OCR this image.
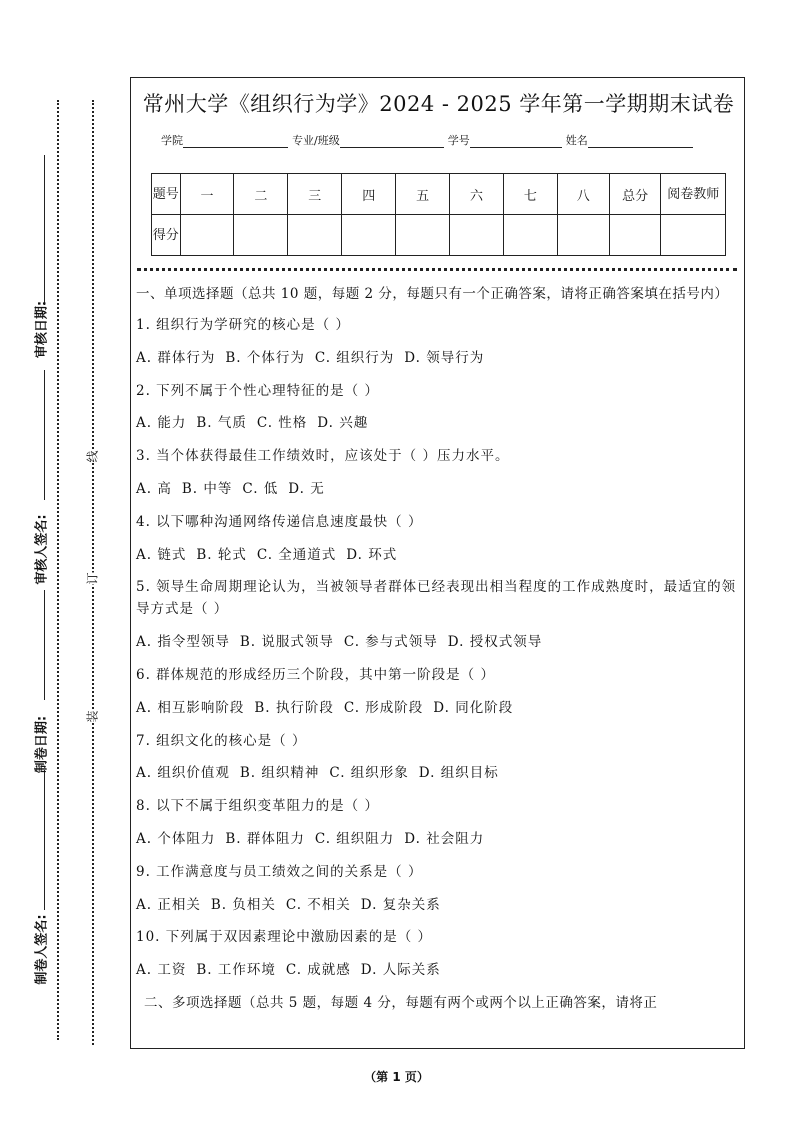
审核日期:
审核人签名:
制卷日期:
制卷人签名:
线
订
装
常州大学《组织行为学》2024 - 2025 学年第一学期期末试卷
学院	专业/班级	学号	姓名
题号	一	二	三	四	五	六	七	八	总分	阅卷教师
得分										
一、单项选择题（总共 10 题，每题 2 分，每题只有一个正确答案，请将正确答案填在括号内）
1. 组织行为学研究的核心是（ ）
A. 群体行为 B. 个体行为 C. 组织行为 D. 领导行为
2. 下列不属于个性心理特征的是（ ）
A. 能力 B. 气质 C. 性格 D. 兴趣
3. 当个体获得最佳工作绩效时，应该处于（ ）压力水平。
A. 高 B. 中等 C. 低 D. 无
4. 以下哪种沟通网络传递信息速度最快（ ）
A. 链式 B. 轮式 C. 全通道式 D. 环式
5. 领导生命周期理论认为，当被领导者群体已经表现出相当程度的工作成熟度时，最适宜的领导方式是（ ）
A. 指令型领导 B. 说服式领导 C. 参与式领导 D. 授权式领导
6. 群体规范的形成经历三个阶段，其中第一阶段是（ ）
A. 相互影响阶段 B. 执行阶段 C. 形成阶段 D. 同化阶段
7. 组织文化的核心是（ ）
A. 组织价值观 B. 组织精神 C. 组织形象 D. 组织目标
8. 以下不属于组织变革阻力的是（ ）
A. 个体阻力 B. 群体阻力 C. 组织阻力 D. 社会阻力
9. 工作满意度与员工绩效之间的关系是（ ）
A. 正相关 B. 负相关 C. 不相关 D. 复杂关系
10. 下列属于双因素理论中激励因素的是（ ）
A. 工资 B. 工作环境 C. 成就感 D. 人际关系
二、多项选择题（总共 5 题，每题 4 分，每题有两个或两个以上正确答案，请将正
（第 1 页）
